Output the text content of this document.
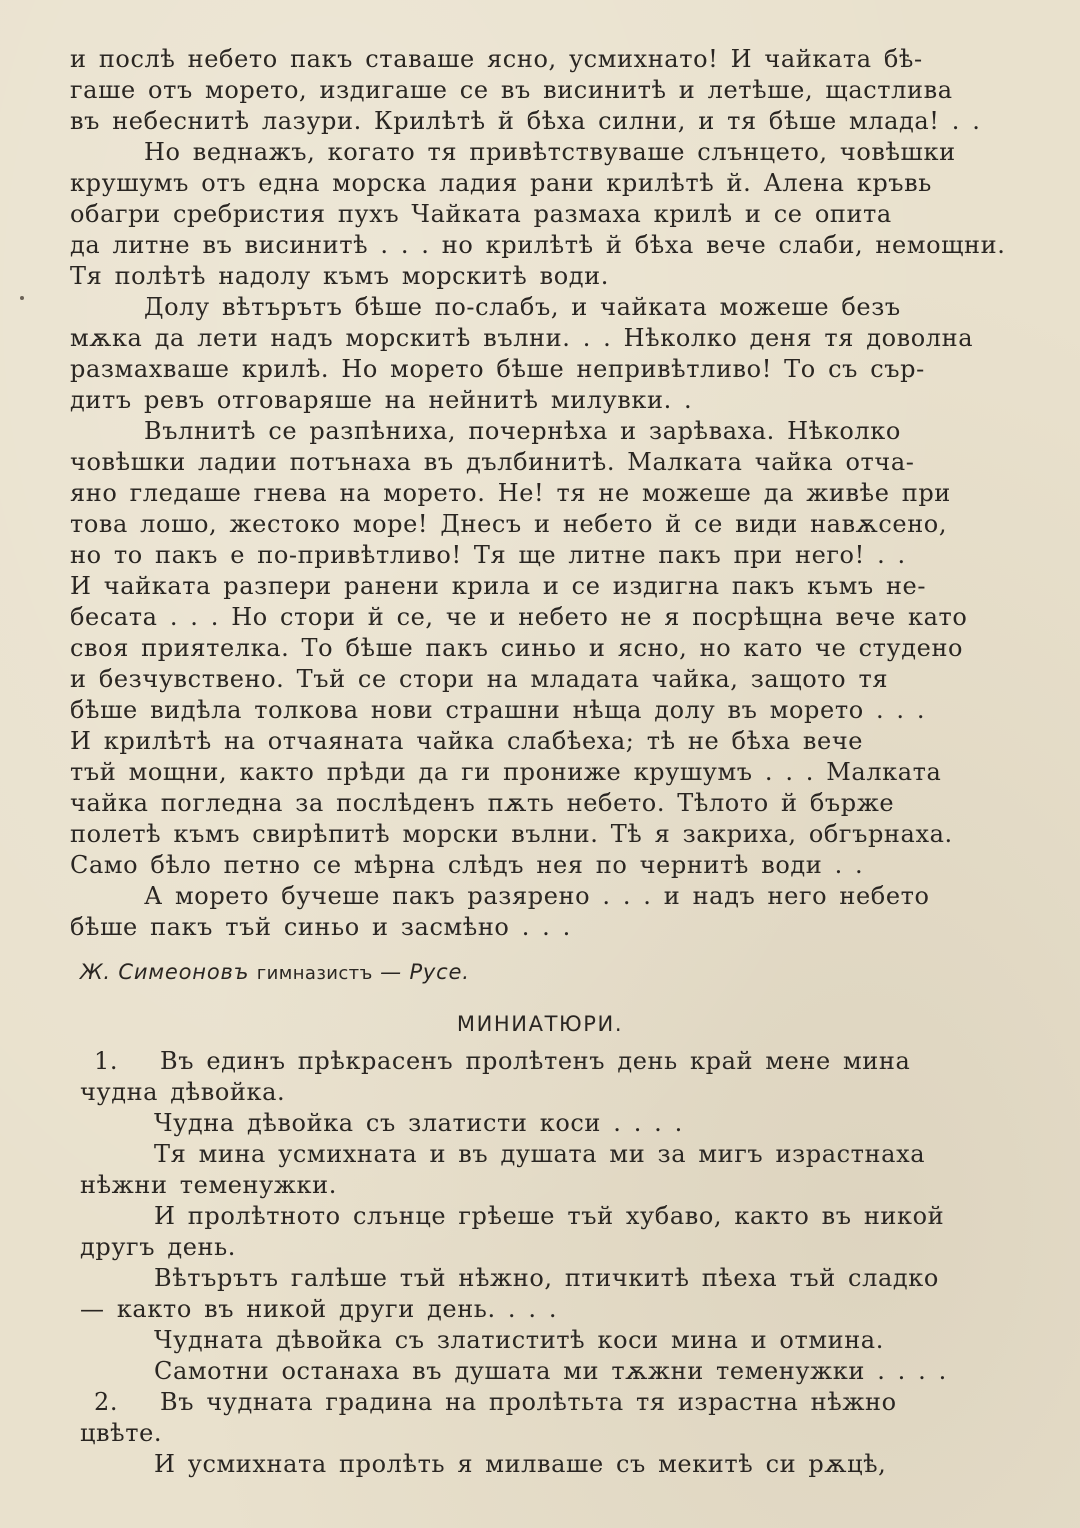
и послѣ небето пакъ ставаше ясно, усмихнато! И чайката бѣ-

гаше отъ морето, издигаше се въ висинитѣ и летѣше, щастлива

въ небеснитѣ лазури. Крилѣтѣ й бѣха силни, и тя бѣше млада! . .

Но веднажъ, когато тя привѣтствуваше слънцето, човѣшки

крушумъ отъ една морска ладия рани крилѣтѣ й. Алена кръвь

обагри сребристия пухъ Чайката размаха крилѣ и се опита

да литне въ висинитѣ . . . но крилѣтѣ й бѣха вече слаби, немощни.

Тя полѣтѣ надолу къмъ морскитѣ води.

Долу вѣтърътъ бѣше по-слабъ, и чайката можеше безъ

мѫка да лети надъ морскитѣ вълни. . . Нѣколко деня тя доволна

размахваше крилѣ. Но морето бѣше непривѣтливо! То съ сър-

дитъ ревъ отговаряше на нейнитѣ милувки. .

Вълнитѣ се разпѣниха, почернѣха и зарѣваха. Нѣколко

човѣшки ладии потънаха въ дълбинитѣ. Малката чайка отча-

яно гледаше гнева на морето. Не! тя не можеше да живѣе при

това лошо, жестоко море! Днесъ и небето й се види навѫсено,

но то пакъ е по-привѣтливо! Тя ще литне пакъ при него! . .

И чайката разпери ранени крила и се издигна пакъ къмъ не-

бесата . . . Но стори й се, че и небето не я посрѣщна вече като

своя приятелка. То бѣше пакъ синьо и ясно, но като че студено

и безчувствено. Тъй се стори на младата чайка, защото тя

бѣше видѣла толкова нови страшни нѣща долу въ морето . . .

И крилѣтѣ на отчаяната чайка слабѣеха; тѣ не бѣха вече

тъй мощни, както прѣди да ги прониже крушумъ . . . Малката

чайка погледна за послѣденъ пѫть небето. Тѣлото й бърже

полетѣ къмъ свирѣпитѣ морски вълни. Тѣ я закриха, обгърнаха.

Само бѣло петно се мѣрна слѣдъ нея по чернитѣ води . .

А морето бучеше пакъ разярено . . . и надъ него небето

бѣше пакъ тъй синьо и засмѣно . . .

Ж. Симеоновъ гимназистъ — Русе.
МИНИАТЮРИ.

1.	Въ единъ прѣкрасенъ пролѣтенъ день край мене мина

чудна дѣвойка.

Чудна дѣвойка съ златисти коси . . . .

Тя мина усмихната и въ душата ми за мигъ израстнаха

нѣжни теменужки.

И пролѣтното слънце грѣеше тъй хубаво, както въ никой

другъ день.

Вѣтърътъ галѣше тъй нѣжно, птичкитѣ пѣеха тъй сладко

— както въ никой други день. . . .

Чудната дѣвойка съ златиститѣ коси мина и отмина.

Самотни останаха въ душата ми тѫжни теменужки . . . .

2.	Въ чудната градина на пролѣтьта тя израстна нѣжно

цвѣте.

И усмихната пролѣть я милваше съ мекитѣ си рѫцѣ,
